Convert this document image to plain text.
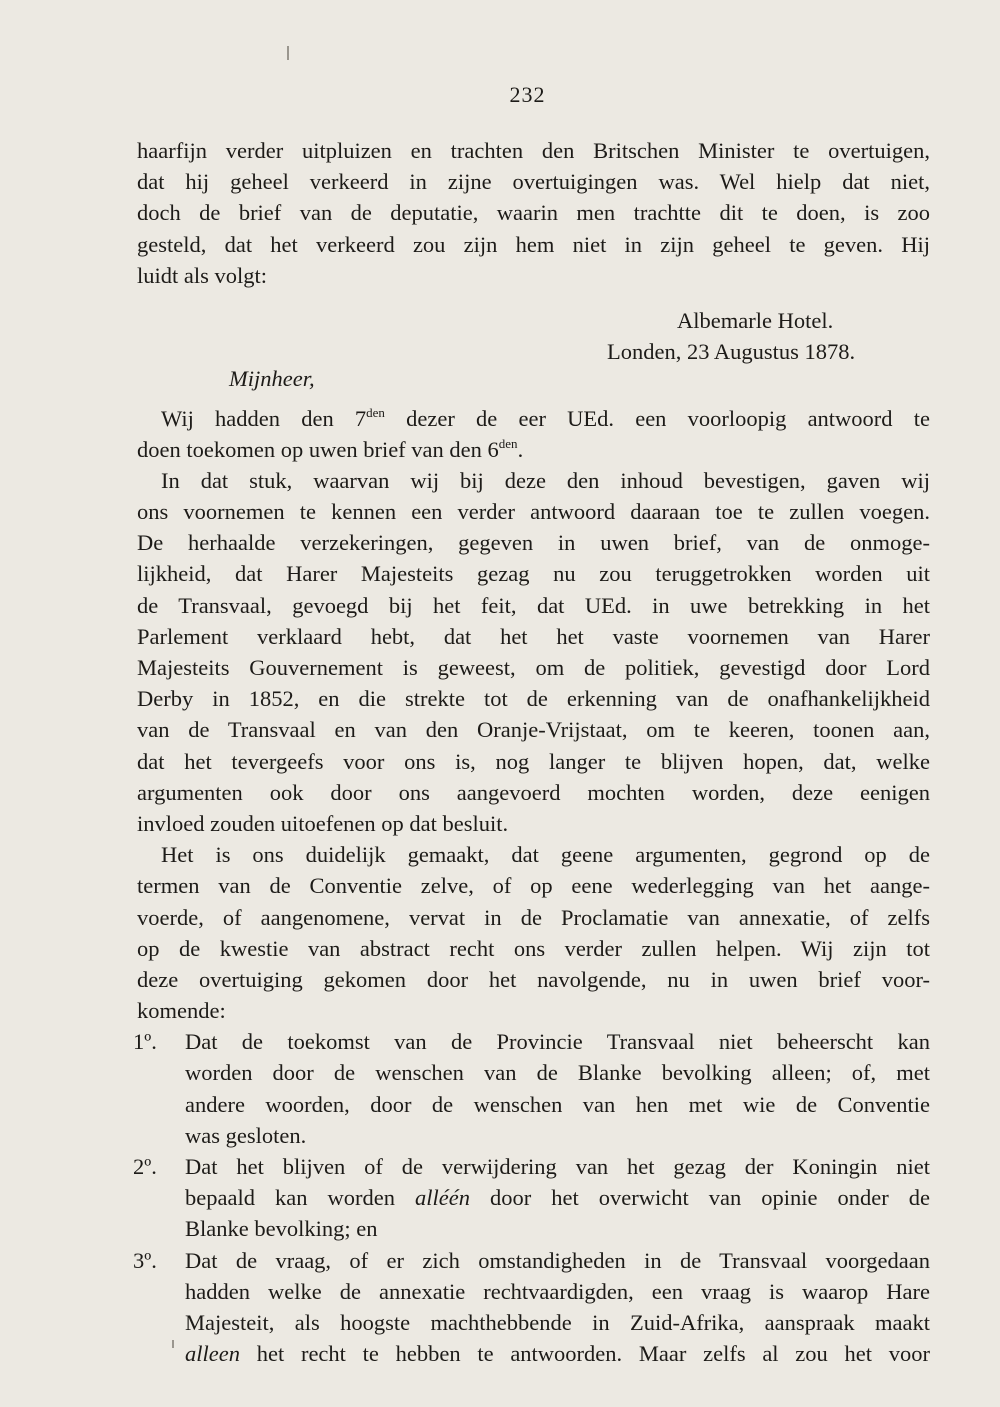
232
haarfijn verder uitpluizen en trachten den Britschen Minister te overtuigen,
dat hij geheel verkeerd in zijne overtuigingen was. Wel hielp dat niet,
doch de brief van de deputatie, waarin men trachtte dit te doen, is zoo
gesteld, dat het verkeerd zou zijn hem niet in zijn geheel te geven. Hij
luidt als volgt:
Albemarle Hotel.
Londen, 23 Augustus 1878.
Mijnheer,
Wij hadden den $7^{den}$ dezer de eer UEd. een voorloopig antwoord te
doen toekomen op uwen brief van den $6^{den}$.
In dat stuk, waarvan wij bij deze den inhoud bevestigen, gaven wij
ons voornemen te kennen een verder antwoord daaraan toe te zullen voegen.
De herhaalde verzekeringen, gegeven in uwen brief, van de onmoge-
lijkheid, dat Harer Majesteits gezag nu zou teruggetrokken worden uit
de Transvaal, gevoegd bij het feit, dat UEd. in uwe betrekking in het
Parlement verklaard hebt, dat het het vaste voornemen van Harer
Majesteits Gouvernement is geweest, om de politiek, gevestigd door Lord
Derby in 1852, en die strekte tot de erkenning van de onafhankelijkheid
van de Transvaal en van den Oranje-Vrijstaat, om te keeren, toonen aan,
dat het tevergeefs voor ons is, nog langer te blijven hopen, dat, welke
argumenten ook door ons aangevoerd mochten worden, deze eenigen
invloed zouden uitoefenen op dat besluit.
Het is ons duidelijk gemaakt, dat geene argumenten, gegrond op de
termen van de Conventie zelve, of op eene wederlegging van het aange-
voerde, of aangenomene, vervat in de Proclamatie van annexatie, of zelfs
op de kwestie van abstract recht ons verder zullen helpen. Wij zijn tot
deze overtuiging gekomen door het navolgende, nu in uwen brief voor-
komende:
1º. Dat de toekomst van de Provincie Transvaal niet beheerscht kan
worden door de wenschen van de Blanke bevolking alleen; of, met
andere woorden, door de wenschen van hen met wie de Conventie
was gesloten.
2º. Dat het blijven of de verwijdering van het gezag der Koningin niet
bepaald kan worden alléén door het overwicht van opinie onder de
Blanke bevolking; en
3º. Dat de vraag, of er zich omstandigheden in de Transvaal voorgedaan
hadden welke de annexatie rechtvaardigden, een vraag is waarop Hare
Majesteit, als hoogste machthebbende in Zuid-Afrika, aanspraak maakt
alleen het recht te hebben te antwoorden. Maar zelfs al zou het voor
